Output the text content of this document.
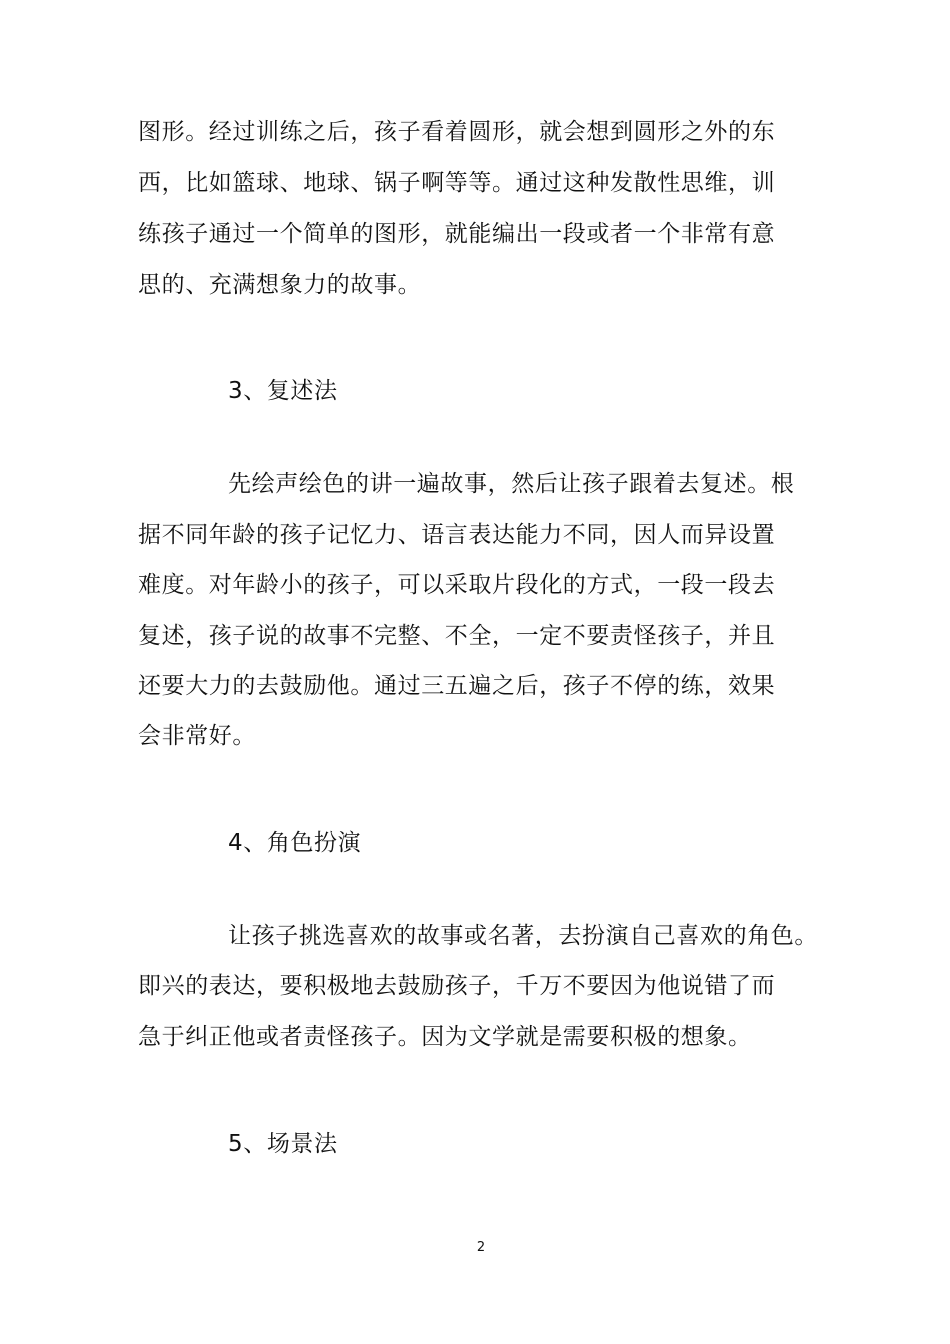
图形。经过训练之后，孩子看着圆形，就会想到圆形之外的东
西，比如篮球、地球、锅子啊等等。通过这种发散性思维，训
练孩子通过一个简单的图形，就能编出一段或者一个非常有意
思的、充满想象力的故事。
3、复述法
先绘声绘色的讲一遍故事，然后让孩子跟着去复述。根
据不同年龄的孩子记忆力、语言表达能力不同，因人而异设置
难度。对年龄小的孩子，可以采取片段化的方式，一段一段去
复述，孩子说的故事不完整、不全，一定不要责怪孩子，并且
还要大力的去鼓励他。通过三五遍之后，孩子不停的练，效果
会非常好。
4、角色扮演
让孩子挑选喜欢的故事或名著，去扮演自己喜欢的角色。
即兴的表达，要积极地去鼓励孩子，千万不要因为他说错了而
急于纠正他或者责怪孩子。因为文学就是需要积极的想象。
5、场景法
2
